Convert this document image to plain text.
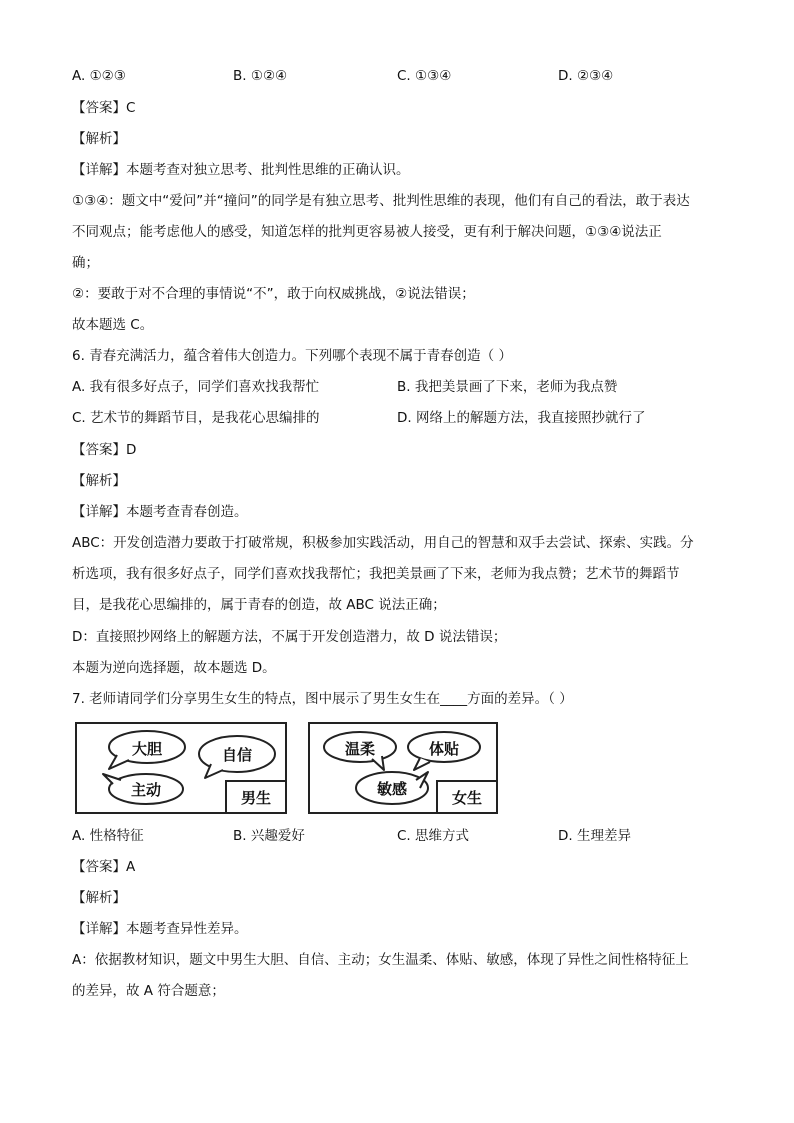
A. ①②③	B. ①②④	C. ①③④	D. ②③④
【答案】C
【解析】
【详解】本题考查对独立思考、批判性思维的正确认识。
①③④：题文中“爱问”并“撞问”的同学是有独立思考、批判性思维的表现，他们有自己的看法，敢于表达
不同观点；能考虑他人的感受，知道怎样的批判更容易被人接受，更有利于解决问题，①③④说法正
确；
②：要敢于对不合理的事情说“不”，敢于向权威挑战，②说法错误；
故本题选 C。
6. 青春充满活力，蕴含着伟大创造力。下列哪个表现不属于青春创造（ ）
A. 我有很多好点子，同学们喜欢找我帮忙	B. 我把美景画了下来，老师为我点赞
C. 艺术节的舞蹈节目，是我花心思编排的	D. 网络上的解题方法，我直接照抄就行了
【答案】D
【解析】
【详解】本题考查青春创造。
ABC：开发创造潜力要敢于打破常规，积极参加实践活动，用自己的智慧和双手去尝试、探索、实践。分
析选项，我有很多好点子，同学们喜欢找我帮忙；我把美景画了下来，老师为我点赞；艺术节的舞蹈节
目，是我花心思编排的，属于青春的创造，故 ABC 说法正确；
D：直接照抄网络上的解题方法，不属于开发创造潜力，故 D 说法错误；
本题为逆向选择题，故本题选 D。
7. 老师请同学们分享男生女生的特点，图中展示了男生女生在____方面的差异。（ ）
大胆	自信
主动	男生
温柔	体贴
敏感	女生
A. 性格特征	B. 兴趣爱好	C. 思维方式	D. 生理差异
【答案】A
【解析】
【详解】本题考查异性差异。
A：依据教材知识，题文中男生大胆、自信、主动；女生温柔、体贴、敏感，体现了异性之间性格特征上
的差异，故 A 符合题意；
